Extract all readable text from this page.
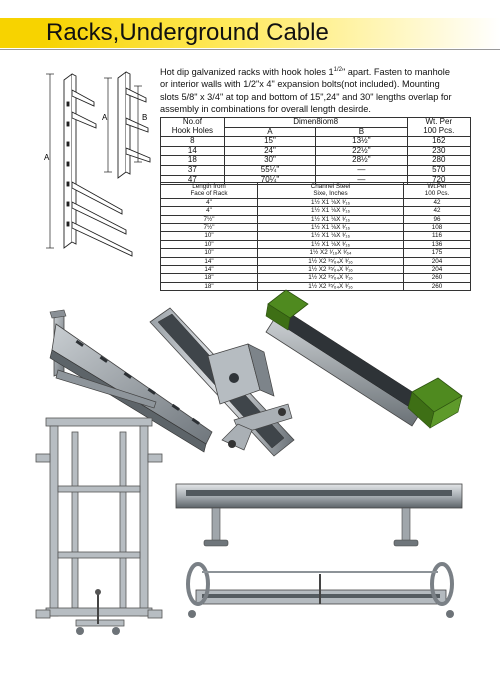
Racks,Underground Cable
Hot dip galvanized racks with hook holes $1^{1/2}$" apart. Fasten to manhole
or interior walls with 1/2"x 4" expansion bolts(not included). Mounting
slots 5/8" x 3/4" at top and bottom of 15",24" and 30" lengths overlap for
assembly in combinations for overall length desirde.
No.of	Dimen8iom8		Wt. Per
Hook Holes	A	B	100 Pcs.
8	15"	13½"	162
14	24"	22½"	230
18	30"	28½"	280
37	55¼"	—	570
47	70¼"	—	720
Length from	Channel Steel	Wt.Per
Face of Rack	Sixe, Inches	100 Pcs.
4"	1½ X1 ⅛X ³⁄₁₆	42
4"	1½ X1 ⅛X ³⁄₁₆	42
7½"	1½ X1 ⅛X ³⁄₁₆	96
7½"	1½ X1 ⅛X ³⁄₁₆	108
10"	1½ X1 ⅛X ³⁄₁₆	116
10"	1½ X1 ⅛X ³⁄₁₆	136
10"	1½ X2 ¹⁄₁₆X ³⁄₆₄	175
14"	1½ X2 ³⁵⁄₆₄X ³⁄₁₆	204
14"	1½ X2 ³⁵⁄₆₄X ³⁄₁₆	204
18"	1½ X2 ³⁵⁄₆₄X ³⁄₁₆	260
18"	1½ X2 ³⁵⁄₆₄X ³⁄₁₆	260
A
A	B
